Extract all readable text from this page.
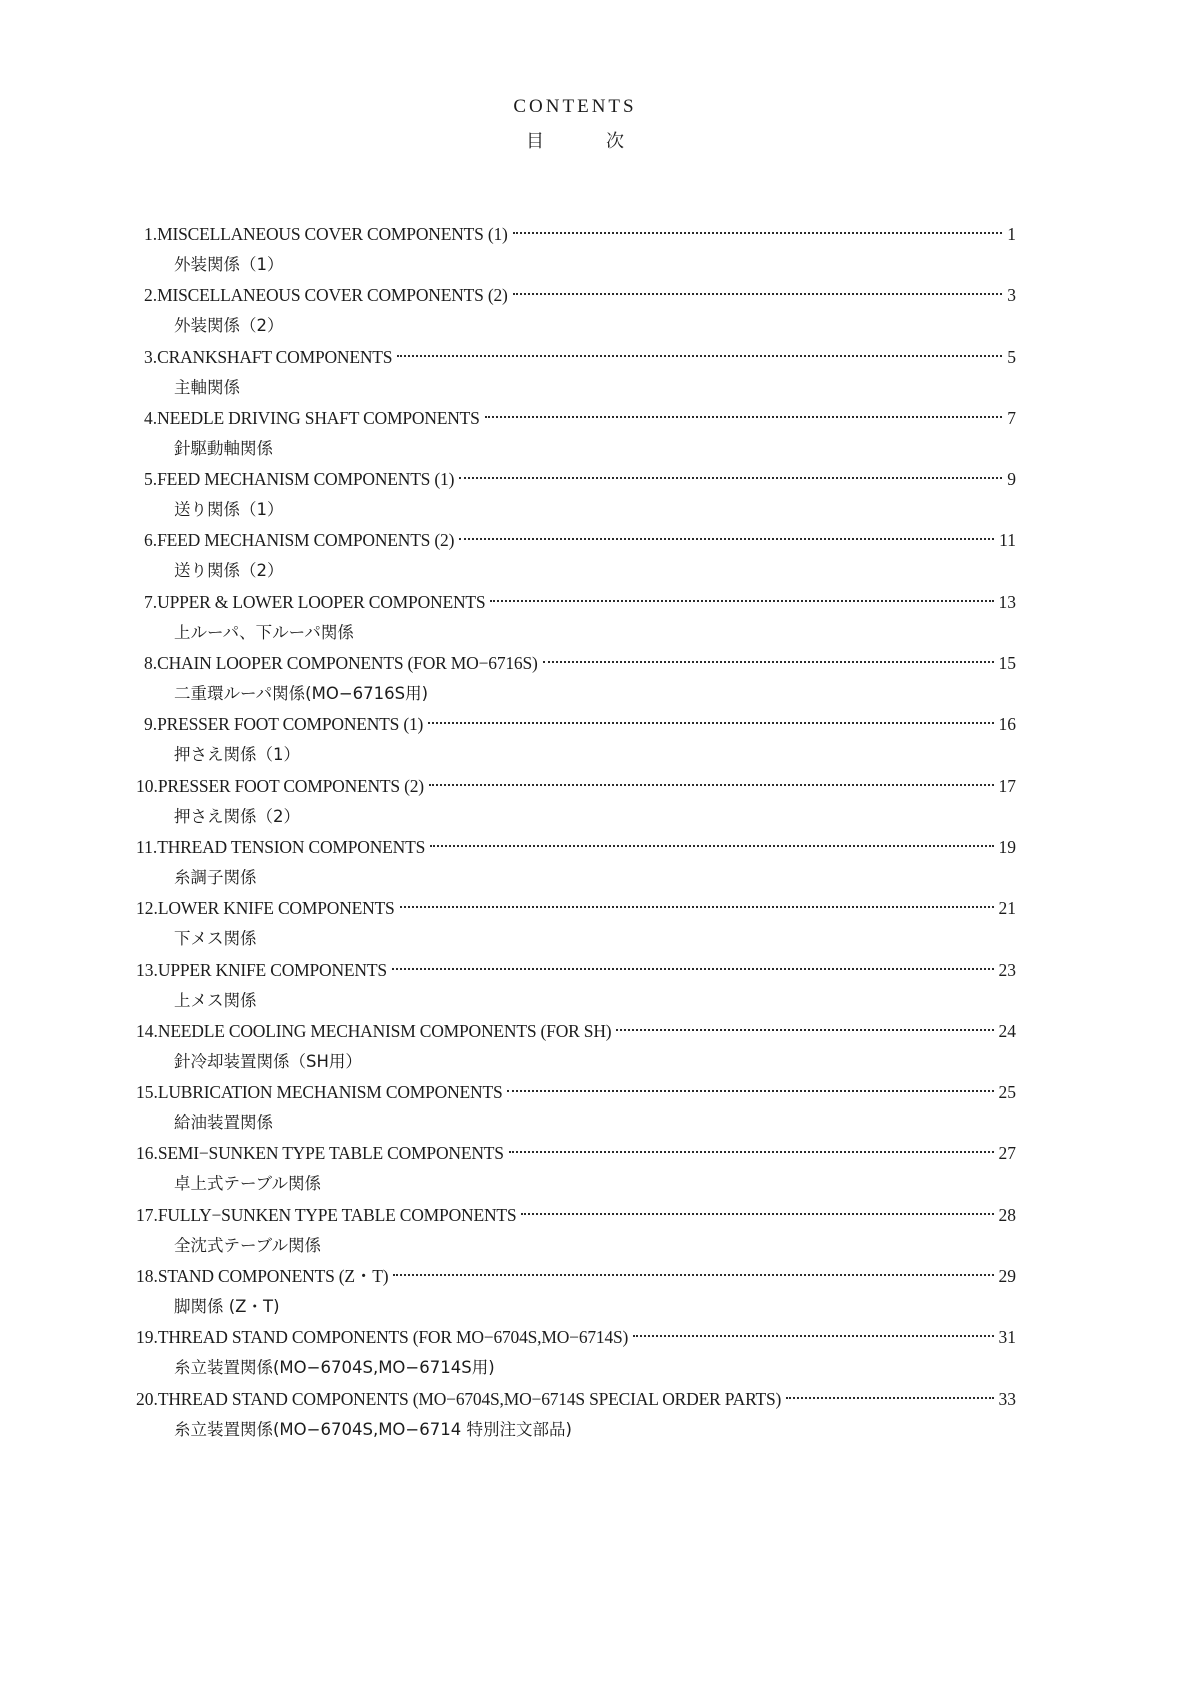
CONTENTS
目	次
1. MISCELLANEOUS COVER COMPONENTS (1)	1
外装関係（1）
2. MISCELLANEOUS COVER COMPONENTS (2)	3
外装関係（2）
3. CRANKSHAFT COMPONENTS	5
主軸関係
4. NEEDLE DRIVING SHAFT COMPONENTS	7
針駆動軸関係
5. FEED MECHANISM COMPONENTS (1)	9
送り関係（1）
6. FEED MECHANISM COMPONENTS (2)	11
送り関係（2）
7. UPPER & LOWER LOOPER COMPONENTS	13
上ルーパ、下ルーパ関係
8. CHAIN LOOPER COMPONENTS (FOR MO−6716S)	15
二重環ルーパ関係(MO−6716S用)
9. PRESSER FOOT COMPONENTS (1)	16
押さえ関係（1）
10. PRESSER FOOT COMPONENTS (2)	17
押さえ関係（2）
11. THREAD TENSION COMPONENTS	19
糸調子関係
12. LOWER KNIFE COMPONENTS	21
下メス関係
13. UPPER KNIFE COMPONENTS	23
上メス関係
14. NEEDLE COOLING MECHANISM COMPONENTS (FOR SH)	24
針冷却装置関係（SH用）
15. LUBRICATION MECHANISM COMPONENTS	25
給油装置関係
16. SEMI−SUNKEN TYPE TABLE COMPONENTS	27
卓上式テーブル関係
17. FULLY−SUNKEN TYPE TABLE COMPONENTS	28
全沈式テーブル関係
18. STAND COMPONENTS (Z・T)	29
脚関係 (Z・T)
19. THREAD STAND COMPONENTS (FOR MO−6704S,MO−6714S)	31
糸立装置関係(MO−6704S,MO−6714S用)
20. THREAD STAND COMPONENTS (MO−6704S,MO−6714S SPECIAL ORDER PARTS)	33
糸立装置関係(MO−6704S,MO−6714 特別注文部品)
